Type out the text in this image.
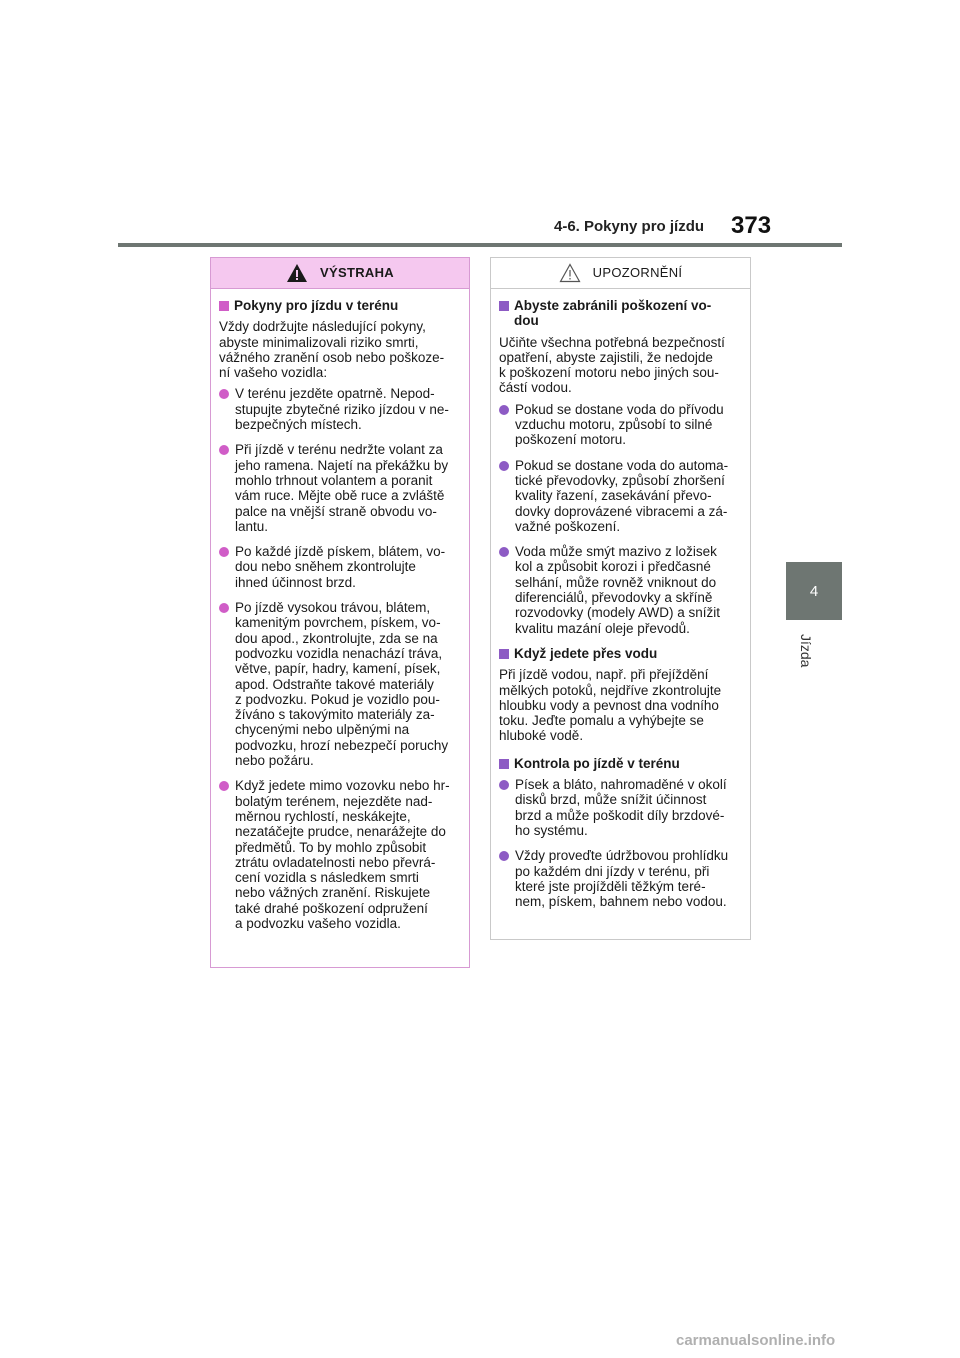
4-6. Pokyny pro jízdu 373
4
Jízda
VÝSTRAHA
Pokyny pro jízdu v terénu
Vždy dodržujte následující pokyny,
abyste minimalizovali riziko smrti,
vážného zranění osob nebo poškoze-
ní vašeho vozidla:
V terénu jezděte opatrně. Nepod-
stupujte zbytečné riziko jízdou v ne-
bezpečných místech.
Při jízdě v terénu nedržte volant za
jeho ramena. Najetí na překážku by
mohlo trhnout volantem a poranit
vám ruce. Mějte obě ruce a zvláště
palce na vnější straně obvodu vo-
lantu.
Po každé jízdě pískem, blátem, vo-
dou nebo sněhem zkontrolujte
ihned účinnost brzd.
Po jízdě vysokou trávou, blátem,
kamenitým povrchem, pískem, vo-
dou apod., zkontrolujte, zda se na
podvozku vozidla nenachází tráva,
větve, papír, hadry, kamení, písek,
apod. Odstraňte takové materiály
z podvozku. Pokud je vozidlo pou-
žíváno s takovýmito materiály za-
chycenými nebo ulpěnými na
podvozku, hrozí nebezpečí poruchy
nebo požáru.
Když jedete mimo vozovku nebo hr-
bolatým terénem, nejezděte nad-
měrnou rychlostí, neskákejte,
nezatáčejte prudce, nenarážejte do
předmětů. To by mohlo způsobit
ztrátu ovladatelnosti nebo převrá-
cení vozidla s následkem smrti
nebo vážných zranění. Riskujete
také drahé poškození odpružení
a podvozku vašeho vozidla.
UPOZORNĚNÍ
Abyste zabránili poškození vo-
dou
Učiňte všechna potřebná bezpečností
opatření, abyste zajistili, že nedojde
k poškození motoru nebo jiných sou-
částí vodou.
Pokud se dostane voda do přívodu
vzduchu motoru, způsobí to silné
poškození motoru.
Pokud se dostane voda do automa-
tické převodovky, způsobí zhoršení
kvality řazení, zasekávání převo-
dovky doprovázené vibracemi a zá-
važné poškození.
Voda může smýt mazivo z ložisek
kol a způsobit korozi i předčasné
selhání, může rovněž vniknout do
diferenciálů, převodovky a skříně
rozvodovky (modely AWD) a snížit
kvalitu mazání oleje převodů.
Když jedete přes vodu
Při jízdě vodou, např. při přejíždění
mělkých potoků, nejdříve zkontrolujte
hloubku vody a pevnost dna vodního
toku. Jeďte pomalu a vyhýbejte se
hluboké vodě.
Kontrola po jízdě v terénu
Písek a bláto, nahromaděné v okolí
disků brzd, může snížit účinnost
brzd a může poškodit díly brzdové-
ho systému.
Vždy proveďte údržbovou prohlídku
po každém dni jízdy v terénu, při
které jste projížděli těžkým teré-
nem, pískem, bahnem nebo vodou.
carmanualsonline.info
